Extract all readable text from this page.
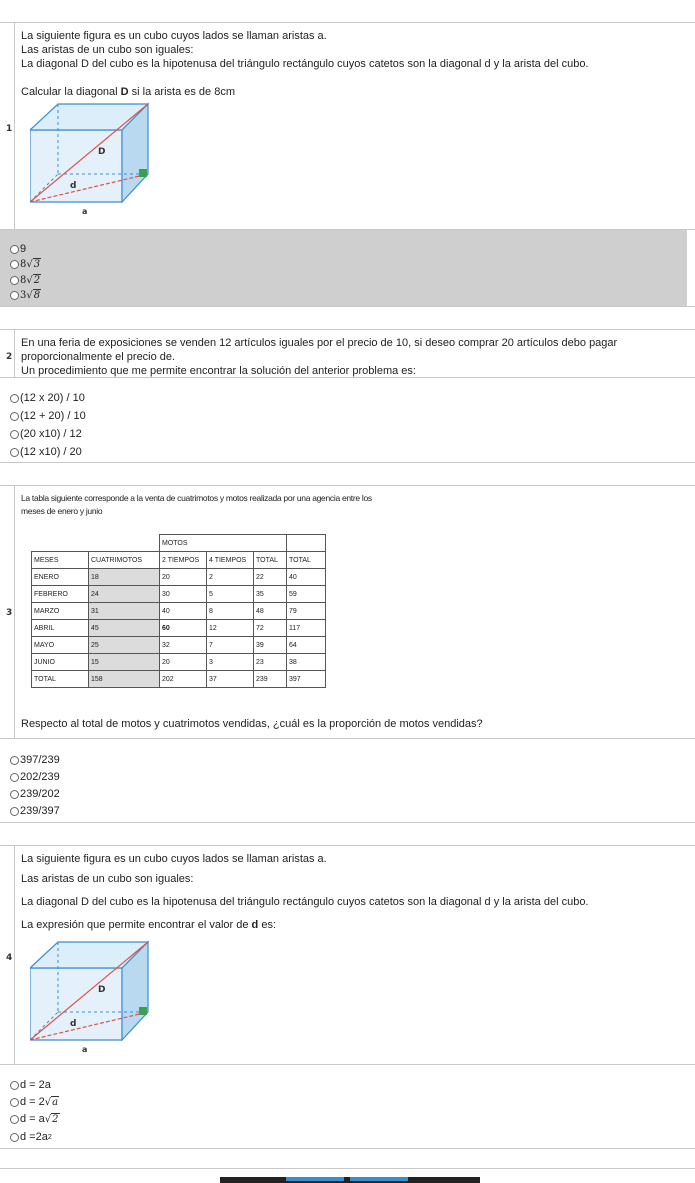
La siguiente figura es un cubo cuyos lados se llaman aristas a.
Las aristas de un cubo son iguales:
La diagonal D del cubo es la hipotenusa del triángulo rectángulo cuyos catetos son la diagonal d y la arista del cubo.
Calcular la diagonal D si la arista es de 8cm
1
D
d
a
9
8 √ 3
8 √ 2
3 √ 8
En una feria de exposiciones se venden 12 artículos iguales por el precio de 10, si deseo comprar 20 artículos debo pagar
proporcionalmente el precio de.
Un procedimiento que me permite encontrar la solución del anterior problema es:
2
(12 x 20) / 10
(12 + 20) / 10
(20 x10) / 12
(12 x10) / 20
La tabla siguiente corresponde a la venta de cuatrimotos y motos realizada por una agencia entre los
meses de enero y junio
3
		MOTOS			
MESES	CUATRIMOTOS	2 TIEMPOS	4 TIEMPOS	TOTAL	TOTAL
ENERO	18	20	2	22	40
FEBRERO	24	30	5	35	59
MARZO	31	40	8	48	79
ABRIL	45	60	12	72	117
MAYO	25	32	7	39	64
JUNIO	15	20	3	23	38
TOTAL	158	202	37	239	397
Respecto al total de motos y cuatrimotos vendidas, ¿cuál es la proporción de motos vendidas?
397/239
202/239
239/202
239/397
La siguiente figura es un cubo cuyos lados se llaman aristas a.
Las aristas de un cubo son iguales:
La diagonal D del cubo es la hipotenusa del triángulo rectángulo cuyos catetos son la diagonal d y la arista del cubo.
La expresión que permite encontrar el valor de d es:
4
D
d
a
d = 2a
d = 2 √ a
d = a √ 2
d =2a 2
